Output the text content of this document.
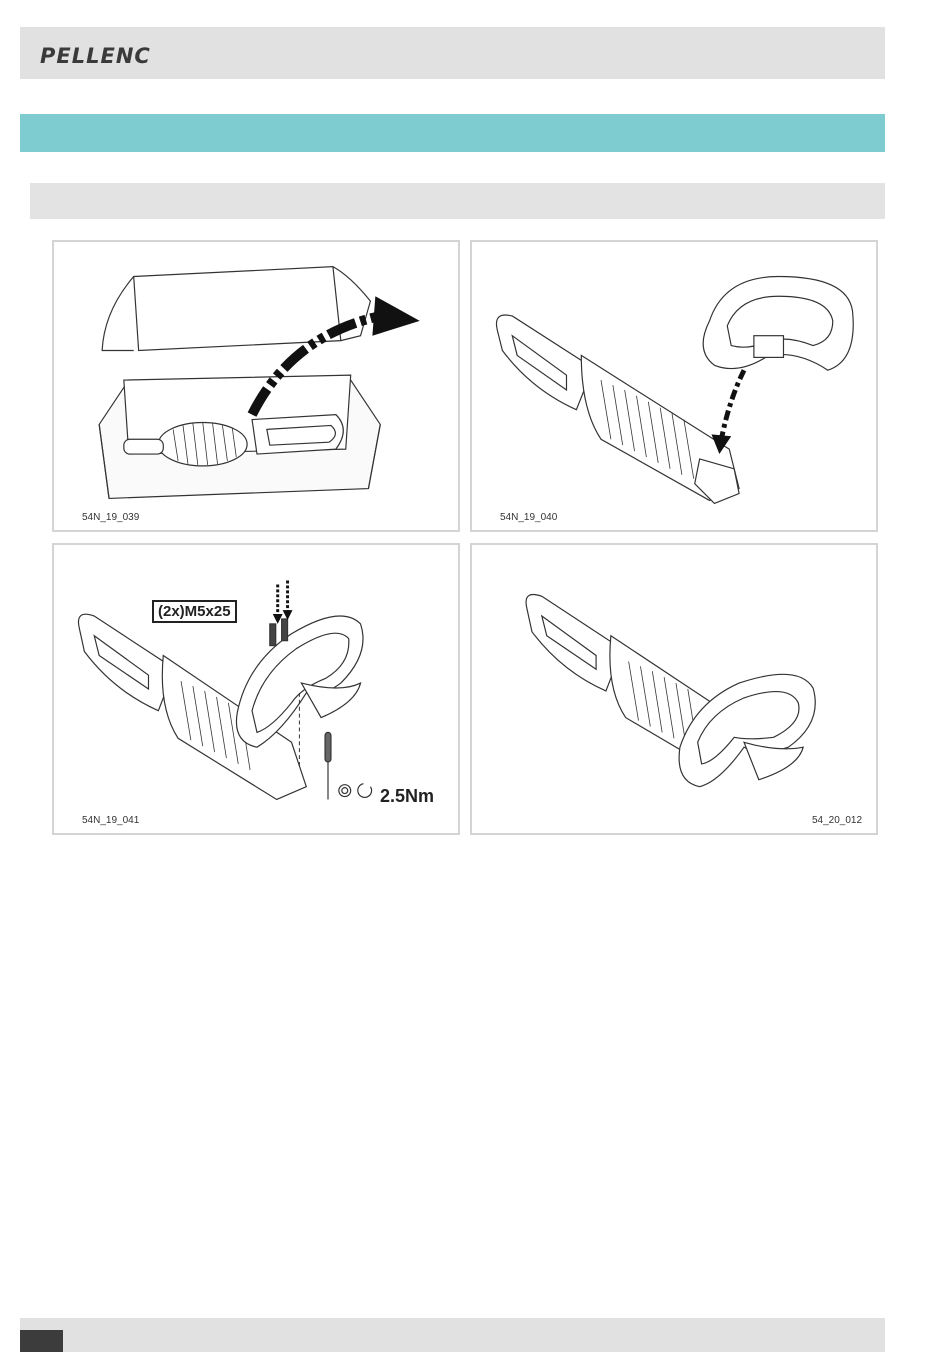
PELLENC
54N_19_039	54N_19_040
(2x)M5x25
2.5Nm
54N_19_041	54_20_012
